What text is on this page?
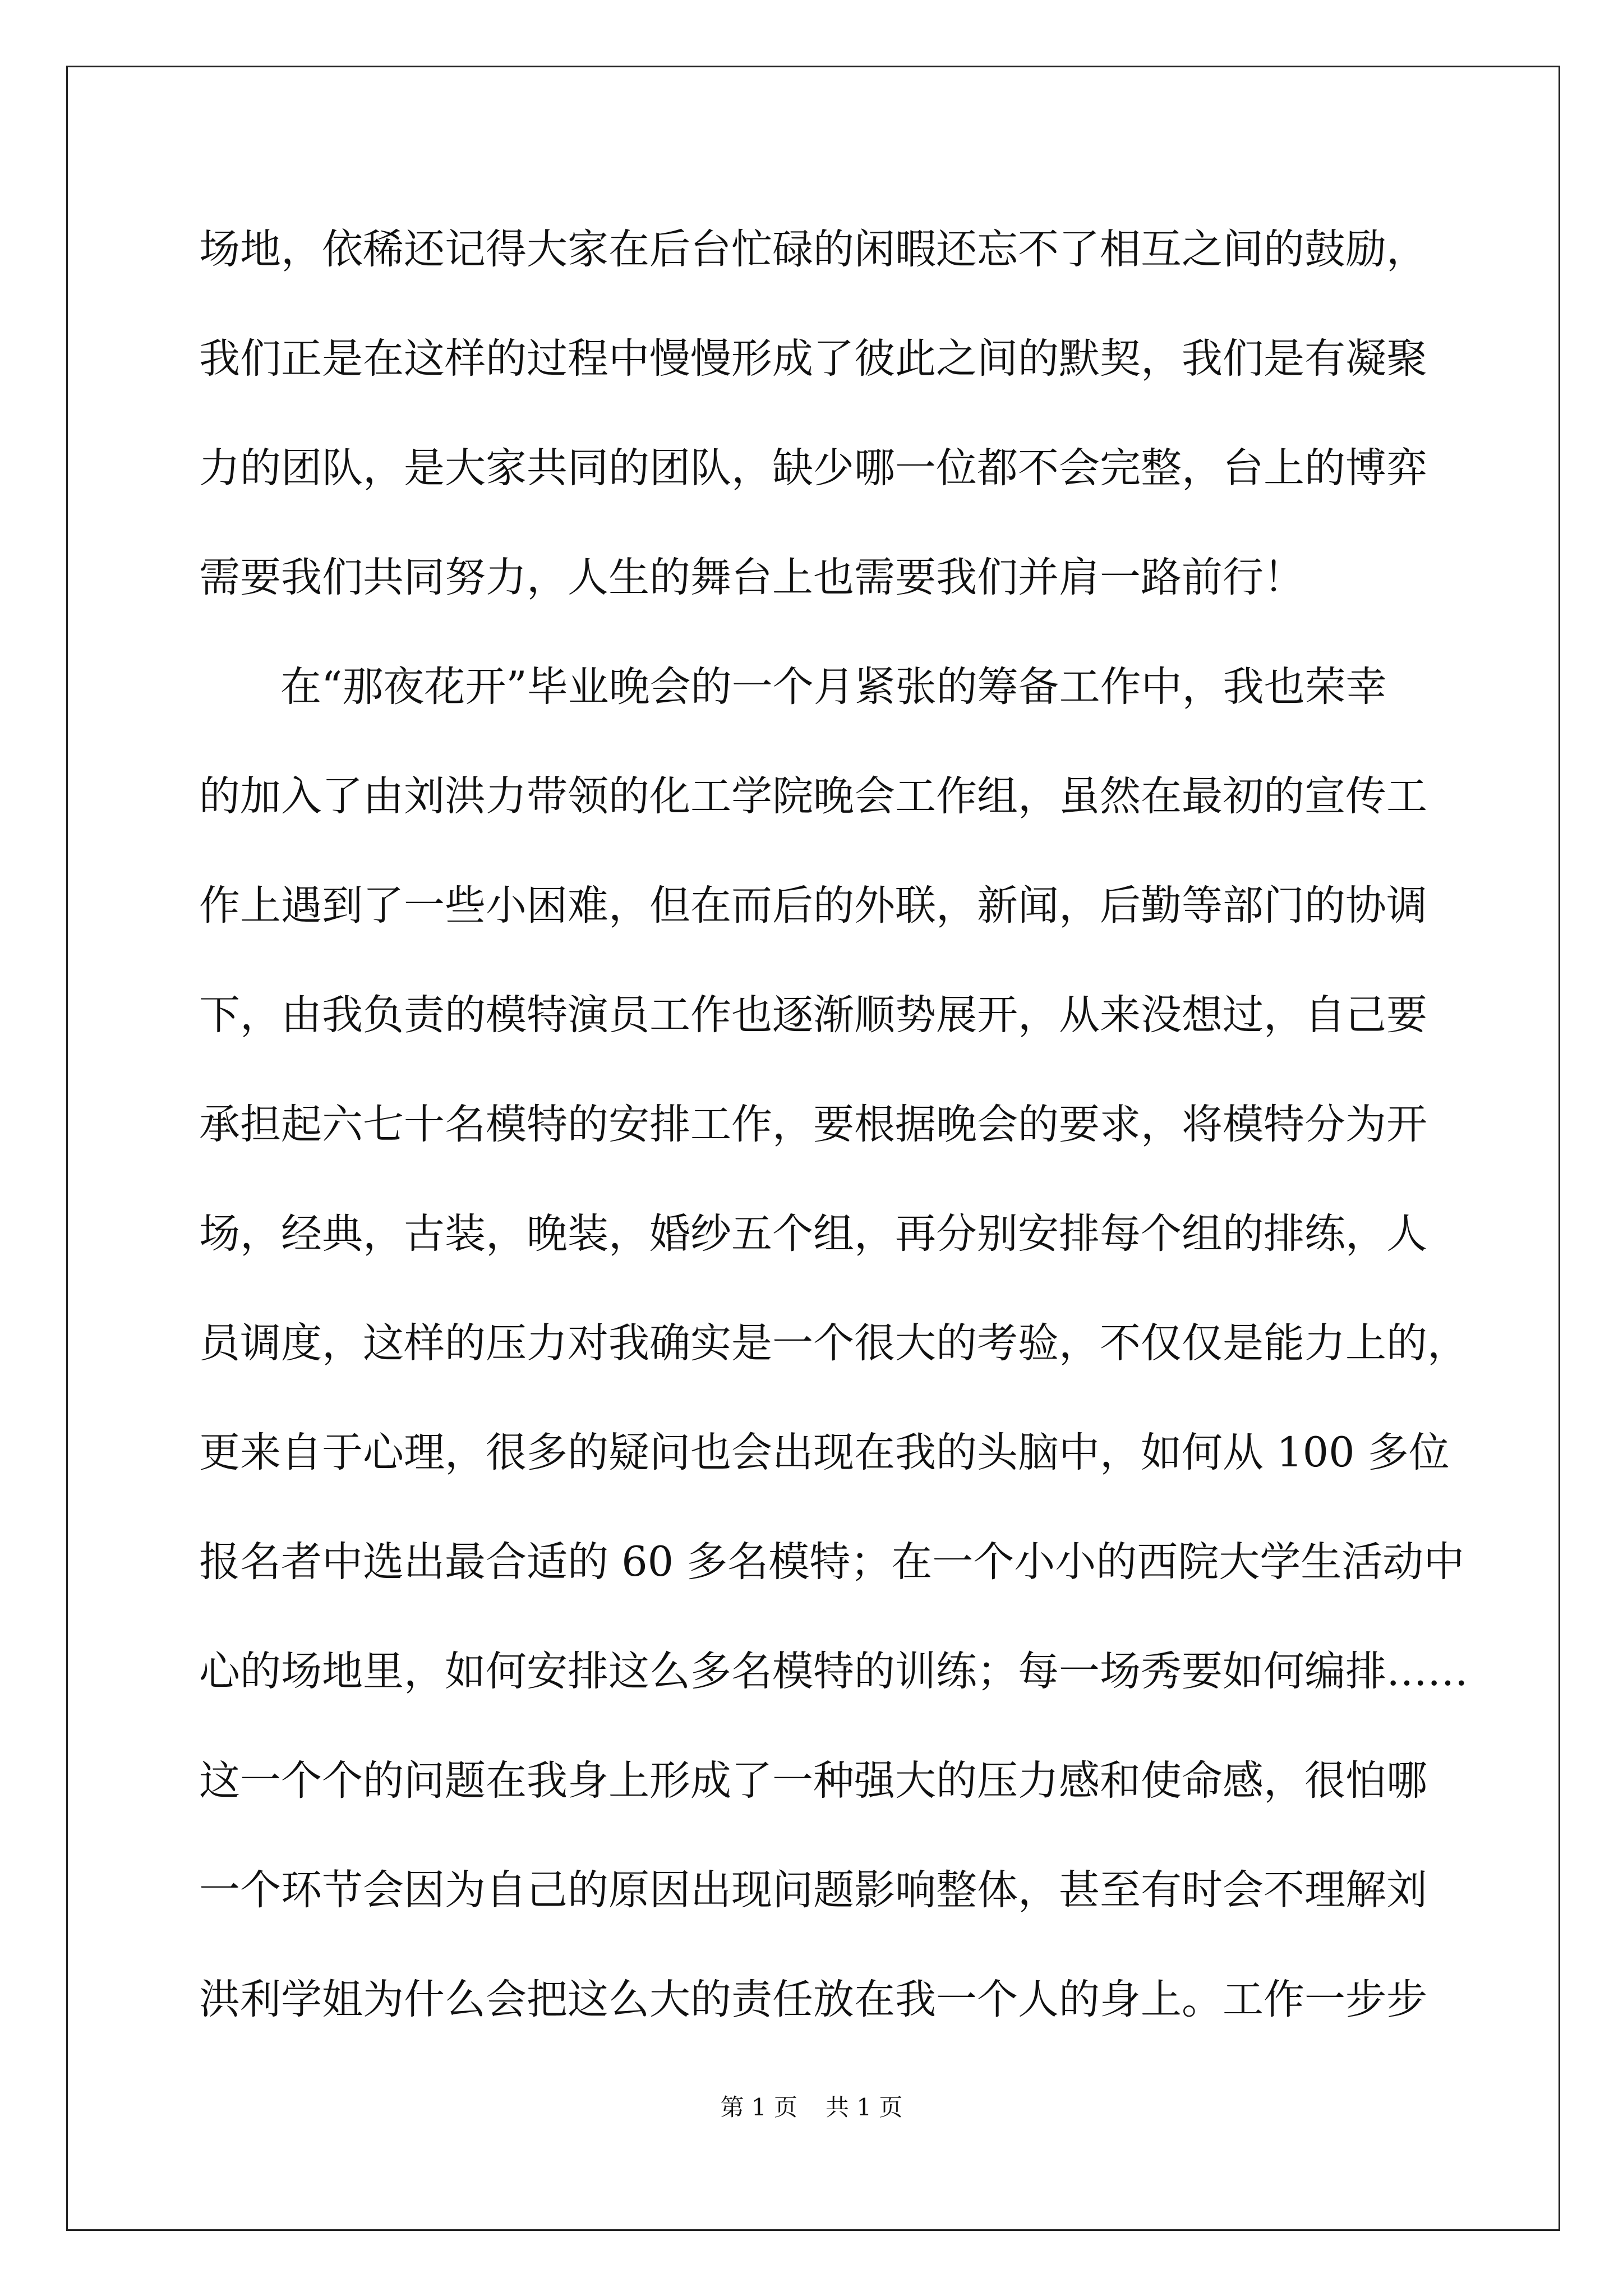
场地，依稀还记得大家在后台忙碌的闲暇还忘不了相互之间的鼓励，

我们正是在这样的过程中慢慢形成了彼此之间的默契，我们是有凝聚

力的团队，是大家共同的团队，缺少哪一位都不会完整，台上的博弈

需要我们共同努力，人生的舞台上也需要我们并肩一路前行！

在“那夜花开”毕业晚会的一个月紧张的筹备工作中，我也荣幸

的加入了由刘洪力带领的化工学院晚会工作组，虽然在最初的宣传工

作上遇到了一些小困难，但在而后的外联，新闻，后勤等部门的协调

下，由我负责的模特演员工作也逐渐顺势展开，从来没想过，自己要

承担起六七十名模特的安排工作，要根据晚会的要求，将模特分为开

场，经典，古装，晚装，婚纱五个组，再分别安排每个组的排练，人

员调度，这样的压力对我确实是一个很大的考验，不仅仅是能力上的，

更来自于心理，很多的疑问也会出现在我的头脑中，如何从 100 多位

报名者中选出最合适的 60 多名模特；在一个小小的西院大学生活动中

心的场地里，如何安排这么多名模特的训练；每一场秀要如何编排……

这一个个的问题在我身上形成了一种强大的压力感和使命感，很怕哪

一个环节会因为自己的原因出现问题影响整体，甚至有时会不理解刘

洪利学姐为什么会把这么大的责任放在我一个人的身上。工作一步步

第 1 页 共 1 页
